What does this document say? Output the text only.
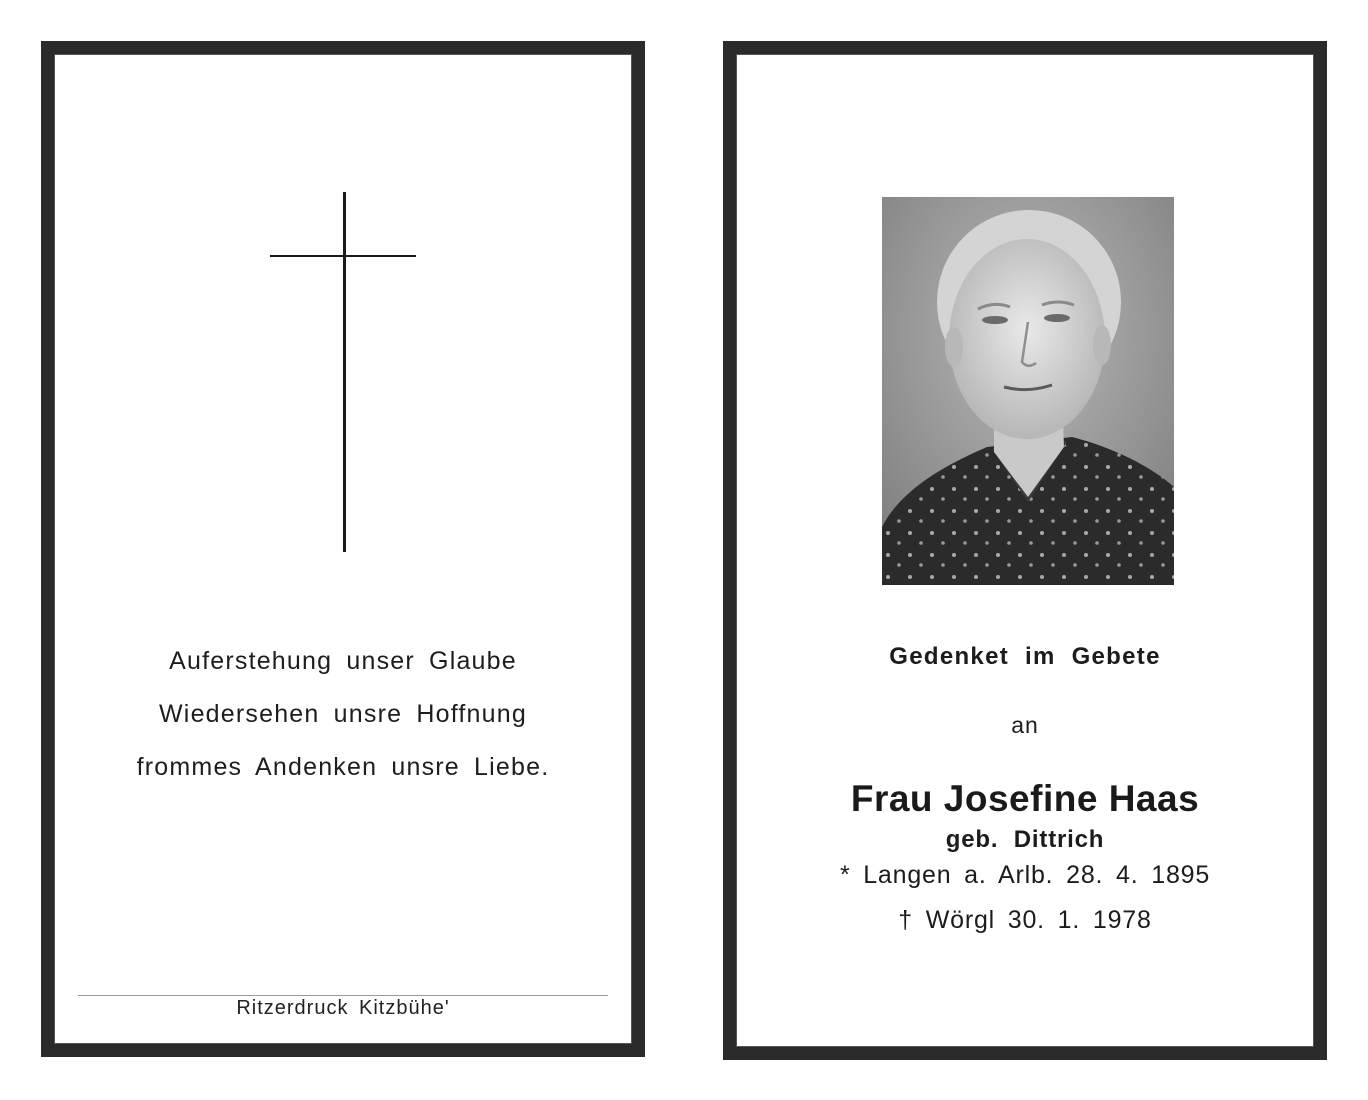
Auferstehung unser Glaube
Wiedersehen unsre Hoffnung
frommes Andenken unsre Liebe.
Ritzerdruck Kitzbühe'
Gedenket im Gebete
an
Frau Josefine Haas
geb. Dittrich
* Langen a. Arlb. 28. 4. 1895
† Wörgl 30. 1. 1978
